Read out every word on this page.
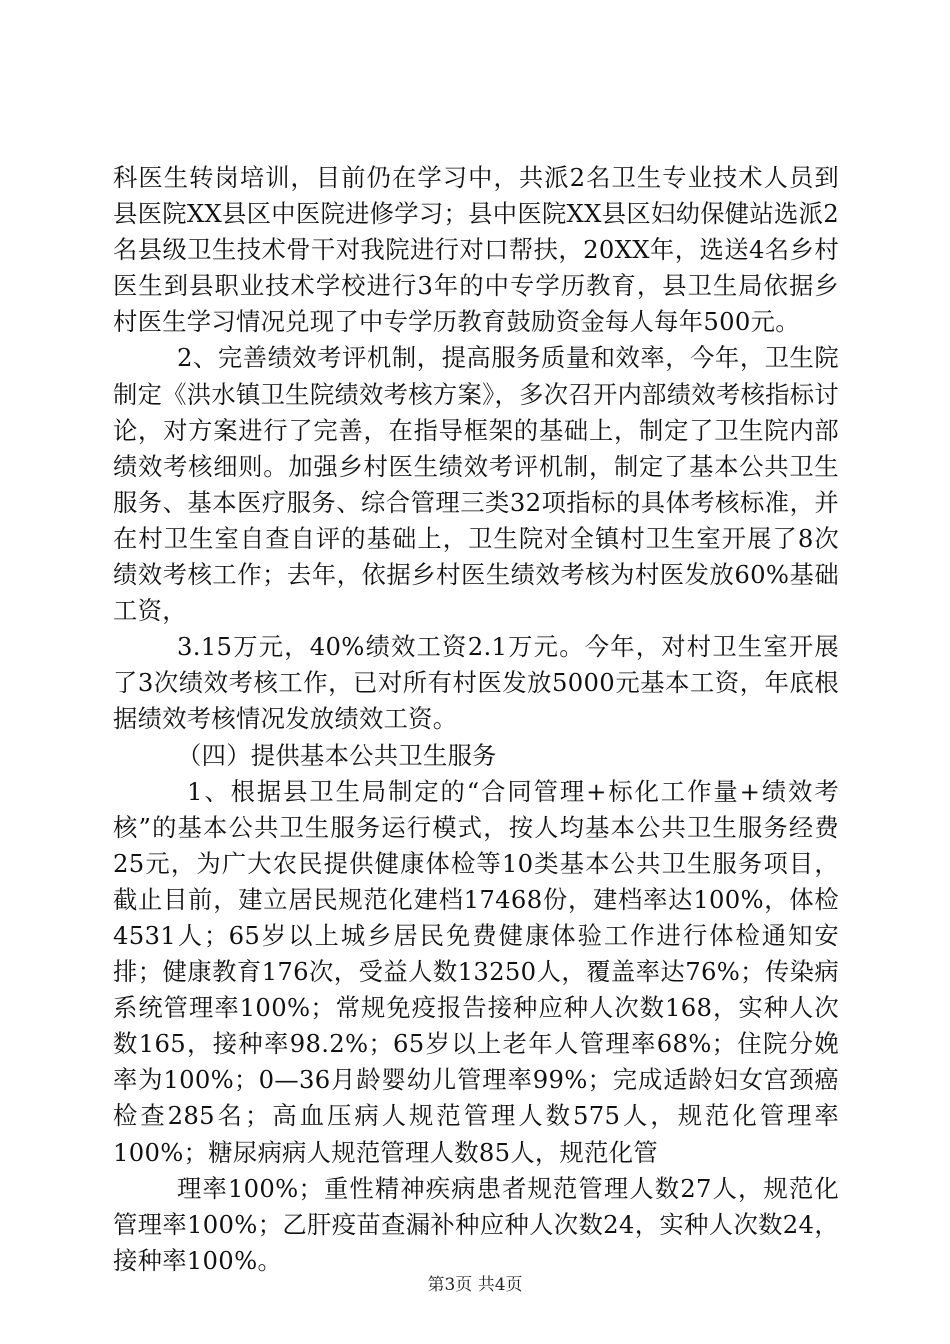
科医生转岗培训，目前仍在学习中，共派2名卫生专业技术人员到县医院XX县区中医院进修学习；县中医院XX县区妇幼保健站选派2名县级卫生技术骨干对我院进行对口帮扶，20XX年，选送4名乡村医生到县职业技术学校进行3年的中专学历教育，县卫生局依据乡村医生学习情况兑现了中专学历教育鼓励资金每人每年500元。

2、完善绩效考评机制，提高服务质量和效率，今年，卫生院制定《洪水镇卫生院绩效考核方案》，多次召开内部绩效考核指标讨论，对方案进行了完善，在指导框架的基础上，制定了卫生院内部绩效考核细则。加强乡村医生绩效考评机制，制定了基本公共卫生服务、基本医疗服务、综合管理三类32项指标的具体考核标准，并在村卫生室自查自评的基础上，卫生院对全镇村卫生室开展了8次绩效考核工作；去年，依据乡村医生绩效考核为村医发放60%基础工资，

3.15万元，40%绩效工资2.1万元。今年，对村卫生室开展了3次绩效考核工作，已对所有村医发放5000元基本工资，年底根据绩效考核情况发放绩效工资。

（四）提供基本公共卫生服务

1、根据县卫生局制定的“合同管理+标化工作量+绩效考核”的基本公共卫生服务运行模式，按人均基本公共卫生服务经费25元，为广大农民提供健康体检等10类基本公共卫生服务项目，截止目前，建立居民规范化建档17468份，建档率达100%，体检4531人；65岁以上城乡居民免费健康体验工作进行体检通知安排；健康教育176次，受益人数13250人，覆盖率达76%；传染病系统管理率100%；常规免疫报告接种应种人次数168，实种人次数165，接种率98.2%；65岁以上老年人管理率68%；住院分娩率为100%；0—36月龄婴幼儿管理率99%；完成适龄妇女宫颈癌检查285名；高血压病人规范管理人数575人，规范化管理率100%；糖尿病病人规范管理人数85人，规范化管

理率100%；重性精神疾病患者规范管理人数27人，规范化管理率100%；乙肝疫苗查漏补种应种人次数24，实种人次数24，接种率100%。

第3页 共4页
